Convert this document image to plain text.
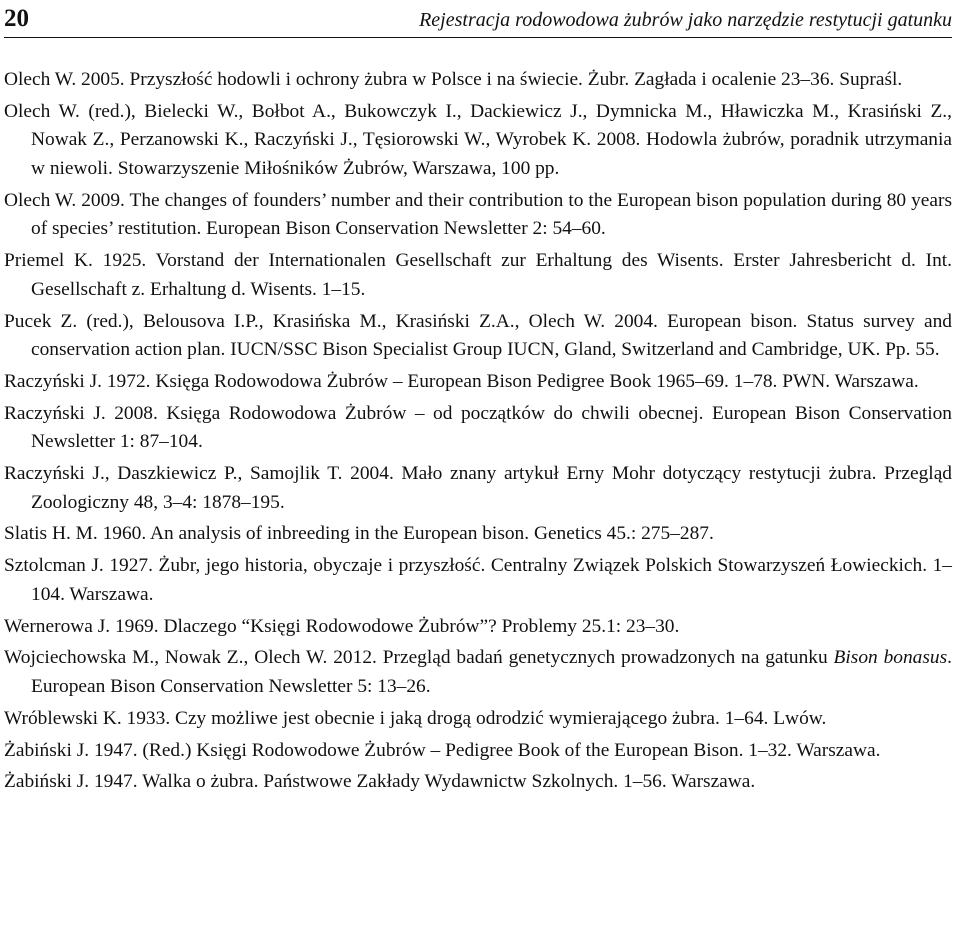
20	Rejestracja rodowodowa żubrów jako narzędzie restytucji gatunku
Olech W. 2005. Przyszłość hodowli i ochrony żubra w Polsce i na świecie. Żubr. Zagłada i ocalenie 23–36. Supraśl.
Olech W. (red.), Bielecki W., Bołbot A., Bukowczyk I., Dackiewicz J., Dymnicka M., Hławiczka M., Krasiński Z., Nowak Z., Perzanowski K., Raczyński J., Tęsiorowski W., Wyrobek K. 2008. Hodowla żubrów, poradnik utrzymania w niewoli. Stowarzyszenie Miłośników Żubrów, Warszawa, 100 pp.
Olech W. 2009. The changes of founders’ number and their contribution to the European bison population during 80 years of species’ restitution. European Bison Conservation Newsletter 2: 54–60.
Priemel K. 1925. Vorstand der Internationalen Gesellschaft zur Erhaltung des Wisents. Erster Jahresbericht d. Int. Gesellschaft z. Erhaltung d. Wisents. 1–15.
Pucek Z. (red.), Belousova I.P., Krasińska M., Krasiński Z.A., Olech W. 2004. European bison. Status survey and conservation action plan. IUCN/SSC Bison Specialist Group IUCN, Gland, Switzerland and Cambridge, UK. Pp. 55.
Raczyński J. 1972. Księga Rodowodowa Żubrów – European Bison Pedigree Book 1965–69. 1–78. PWN. Warszawa.
Raczyński J. 2008. Księga Rodowodowa Żubrów – od początków do chwili obecnej. European Bison Conservation Newsletter 1: 87–104.
Raczyński J., Daszkiewicz P., Samojlik T. 2004. Mało znany artykuł Erny Mohr dotyczący restytucji żubra. Przegląd Zoologiczny 48, 3–4: 1878–195.
Slatis H. M. 1960. An analysis of inbreeding in the European bison. Genetics 45.: 275–287.
Sztolcman J. 1927. Żubr, jego historia, obyczaje i przyszłość. Centralny Związek Polskich Stowarzyszeń Łowieckich. 1–104. Warszawa.
Wernerowa J. 1969. Dlaczego “Księgi Rodowodowe Żubrów”? Problemy 25.1: 23–30.
Wojciechowska M., Nowak Z., Olech W. 2012. Przegląd badań genetycznych prowadzonych na gatunku Bison bonasus. European Bison Conservation Newsletter 5: 13–26.
Wróblewski K. 1933. Czy możliwe jest obecnie i jaką drogą odrodzić wymierającego żubra. 1–64. Lwów.
Żabiński J. 1947. (Red.) Księgi Rodowodowe Żubrów – Pedigree Book of the European Bison. 1–32. Warszawa.
Żabiński J. 1947. Walka o żubra. Państwowe Zakłady Wydawnictw Szkolnych. 1–56. Warszawa.
